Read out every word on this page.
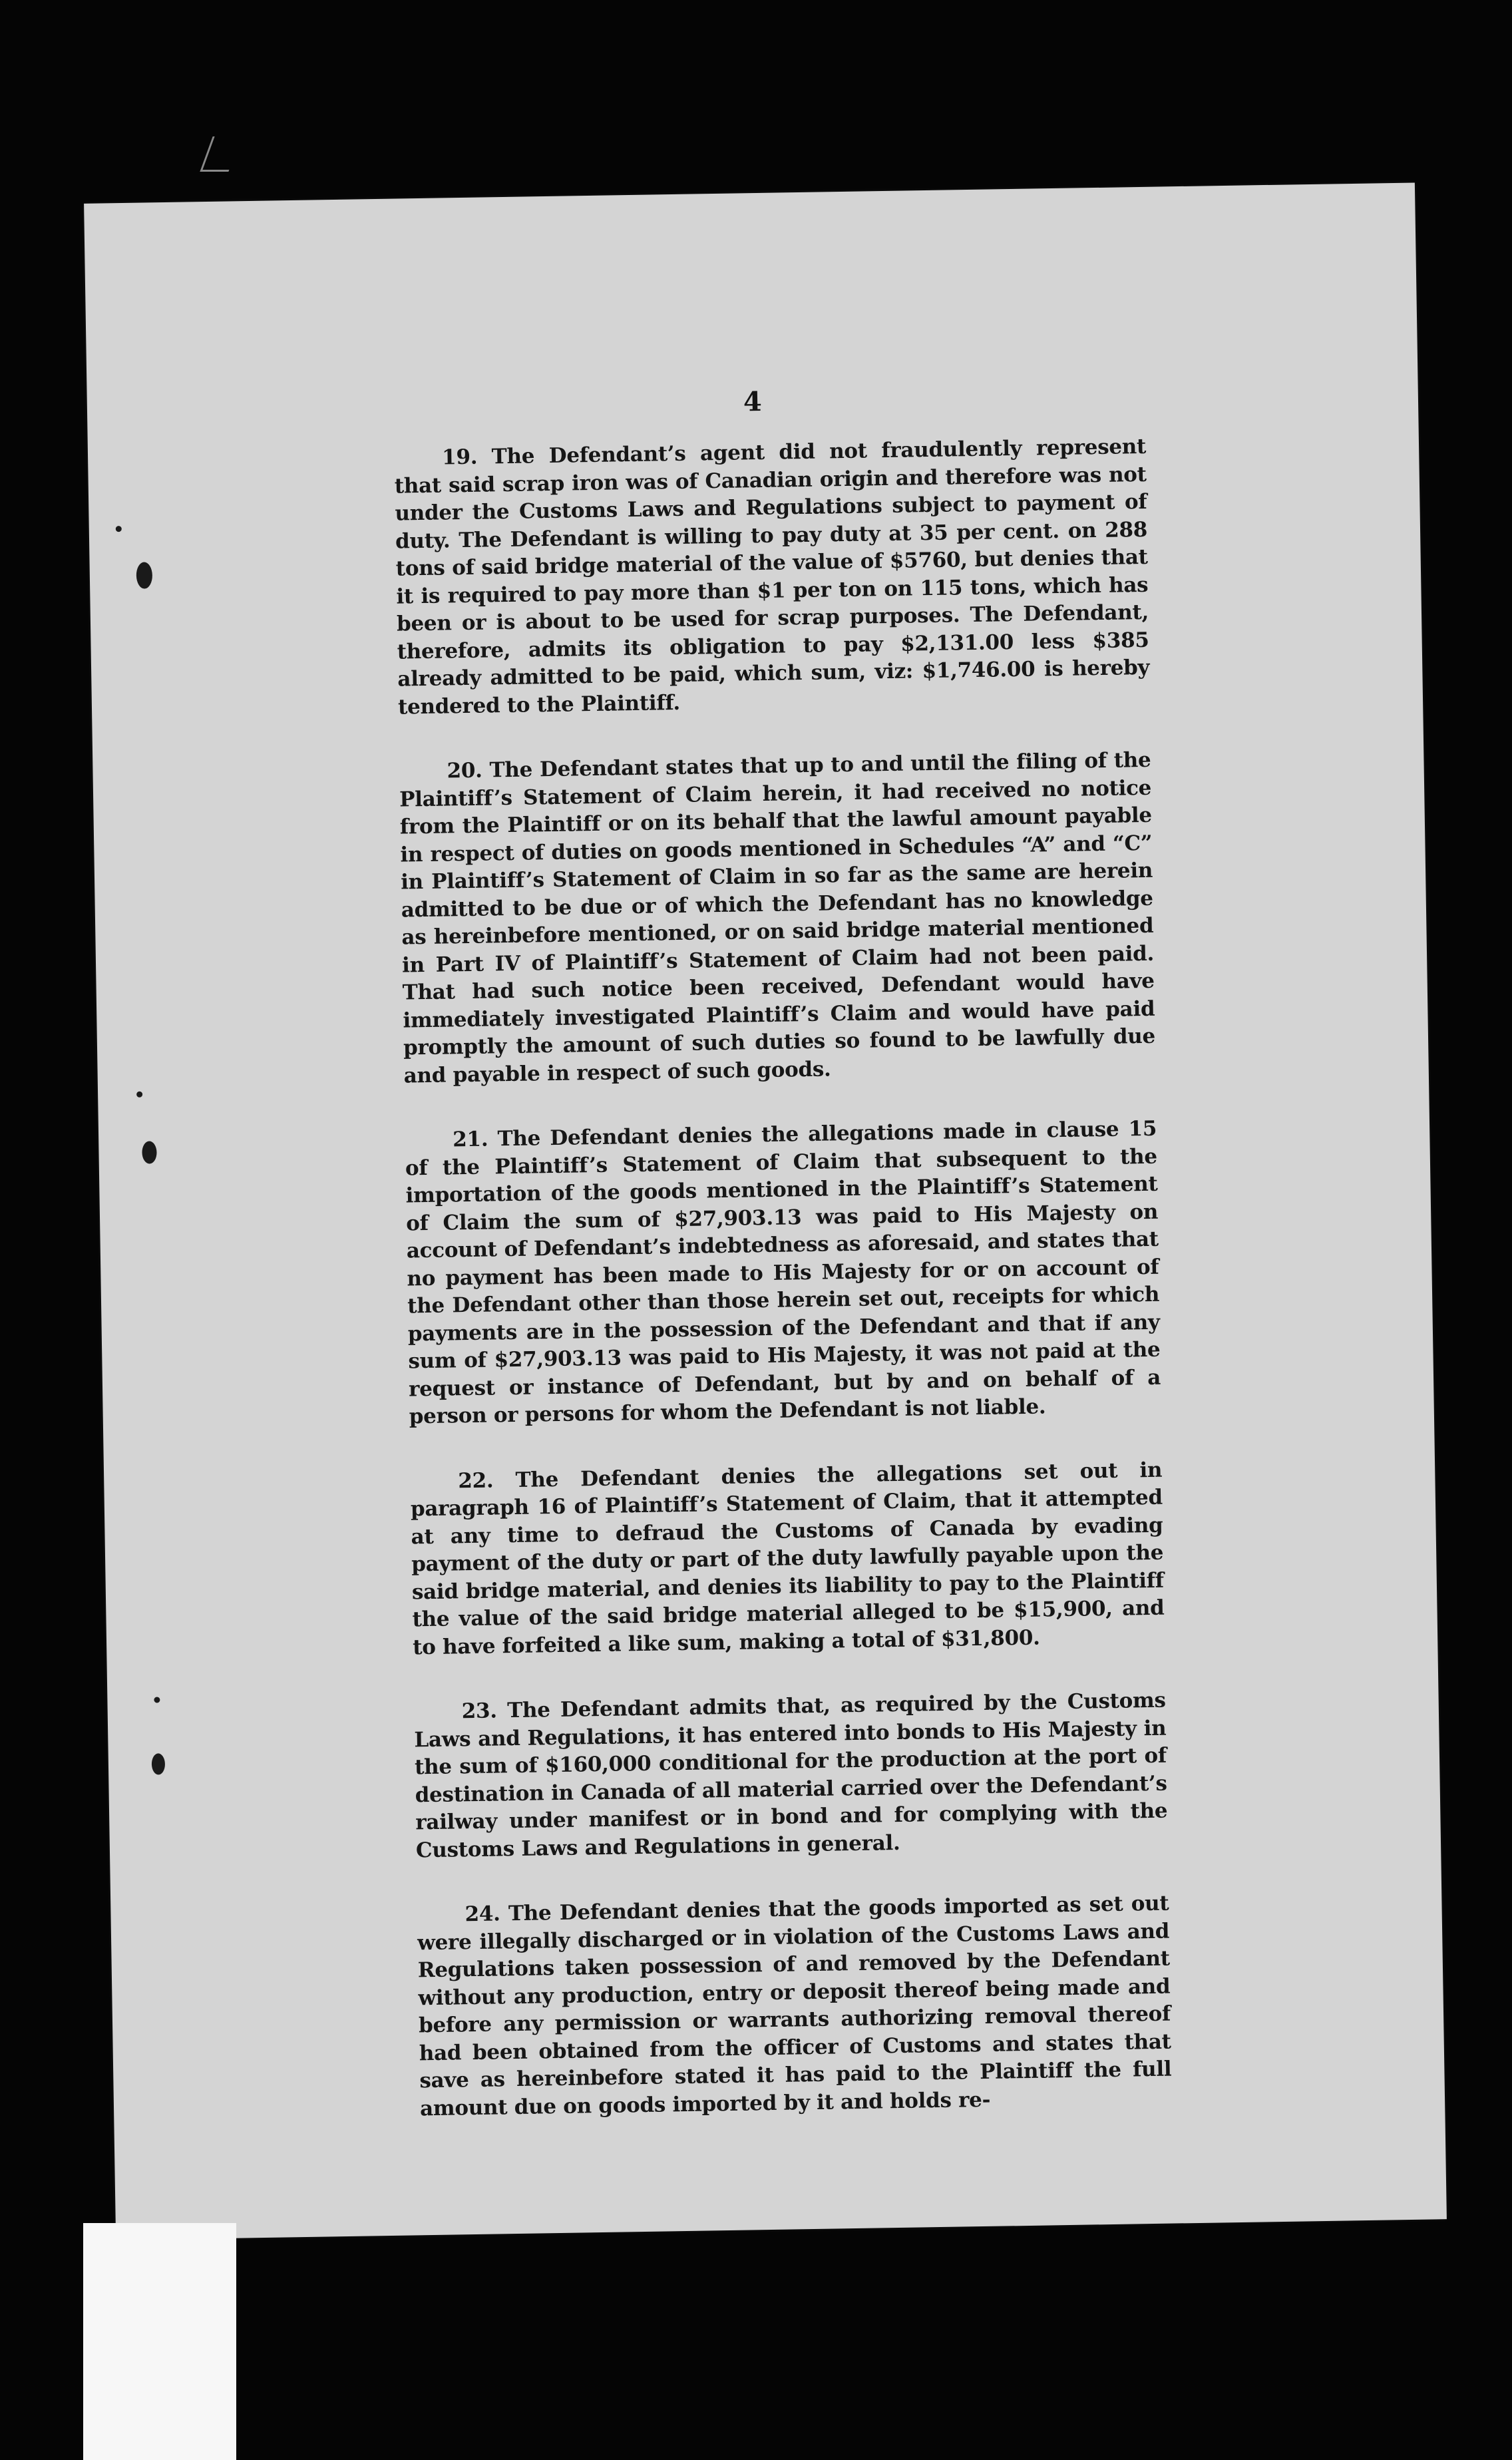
4

19. The Defendant’s agent did not fraudulently represent that said scrap iron was of Canadian origin and therefore was not under the Customs Laws and Regulations subject to payment of duty. The Defendant is willing to pay duty at 35 per cent. on 288 tons of said bridge material of the value of $5760, but denies that it is required to pay more than $1 per ton on 115 tons, which has been or is about to be used for scrap purposes. The Defendant, therefore, admits its obligation to pay $2,131.00 less $385 already admitted to be paid, which sum, viz: $1,746.00 is hereby tendered to the Plaintiff.

20. The Defendant states that up to and until the filing of the Plaintiff’s Statement of Claim herein, it had received no notice from the Plaintiff or on its behalf that the lawful amount payable in respect of duties on goods mentioned in Schedules “A” and “C” in Plaintiff’s Statement of Claim in so far as the same are herein admitted to be due or of which the Defendant has no knowledge as hereinbefore mentioned, or on said bridge material mentioned in Part IV of Plaintiff’s Statement of Claim had not been paid. That had such notice been received, Defendant would have immediately investigated Plaintiff’s Claim and would have paid promptly the amount of such duties so found to be lawfully due and payable in respect of such goods.

21. The Defendant denies the allegations made in clause 15 of the Plaintiff’s Statement of Claim that subsequent to the importation of the goods mentioned in the Plaintiff’s Statement of Claim the sum of $27,903.13 was paid to His Majesty on account of Defendant’s indebtedness as aforesaid, and states that no payment has been made to His Majesty for or on account of the Defendant other than those herein set out, receipts for which payments are in the possession of the Defendant and that if any sum of $27,903.13 was paid to His Majesty, it was not paid at the request or instance of Defendant, but by and on behalf of a person or persons for whom the Defendant is not liable.

22. The Defendant denies the allegations set out in paragraph 16 of Plaintiff’s Statement of Claim, that it attempted at any time to defraud the Customs of Canada by evading payment of the duty or part of the duty lawfully payable upon the said bridge material, and denies its liability to pay to the Plaintiff the value of the said bridge material alleged to be $15,900, and to have forfeited a like sum, making a total of $31,800.

23. The Defendant admits that, as required by the Customs Laws and Regulations, it has entered into bonds to His Majesty in the sum of $160,000 conditional for the production at the port of destination in Canada of all material carried over the Defendant’s railway under manifest or in bond and for complying with the Customs Laws and Regulations in general.

24. The Defendant denies that the goods imported as set out were illegally discharged or in violation of the Customs Laws and Regulations taken possession of and removed by the Defendant without any production, entry or deposit thereof being made and before any permission or warrants authorizing removal thereof had been obtained from the officer of Customs and states that save as hereinbefore stated it has paid to the Plaintiff the full amount due on goods imported by it and holds re-
